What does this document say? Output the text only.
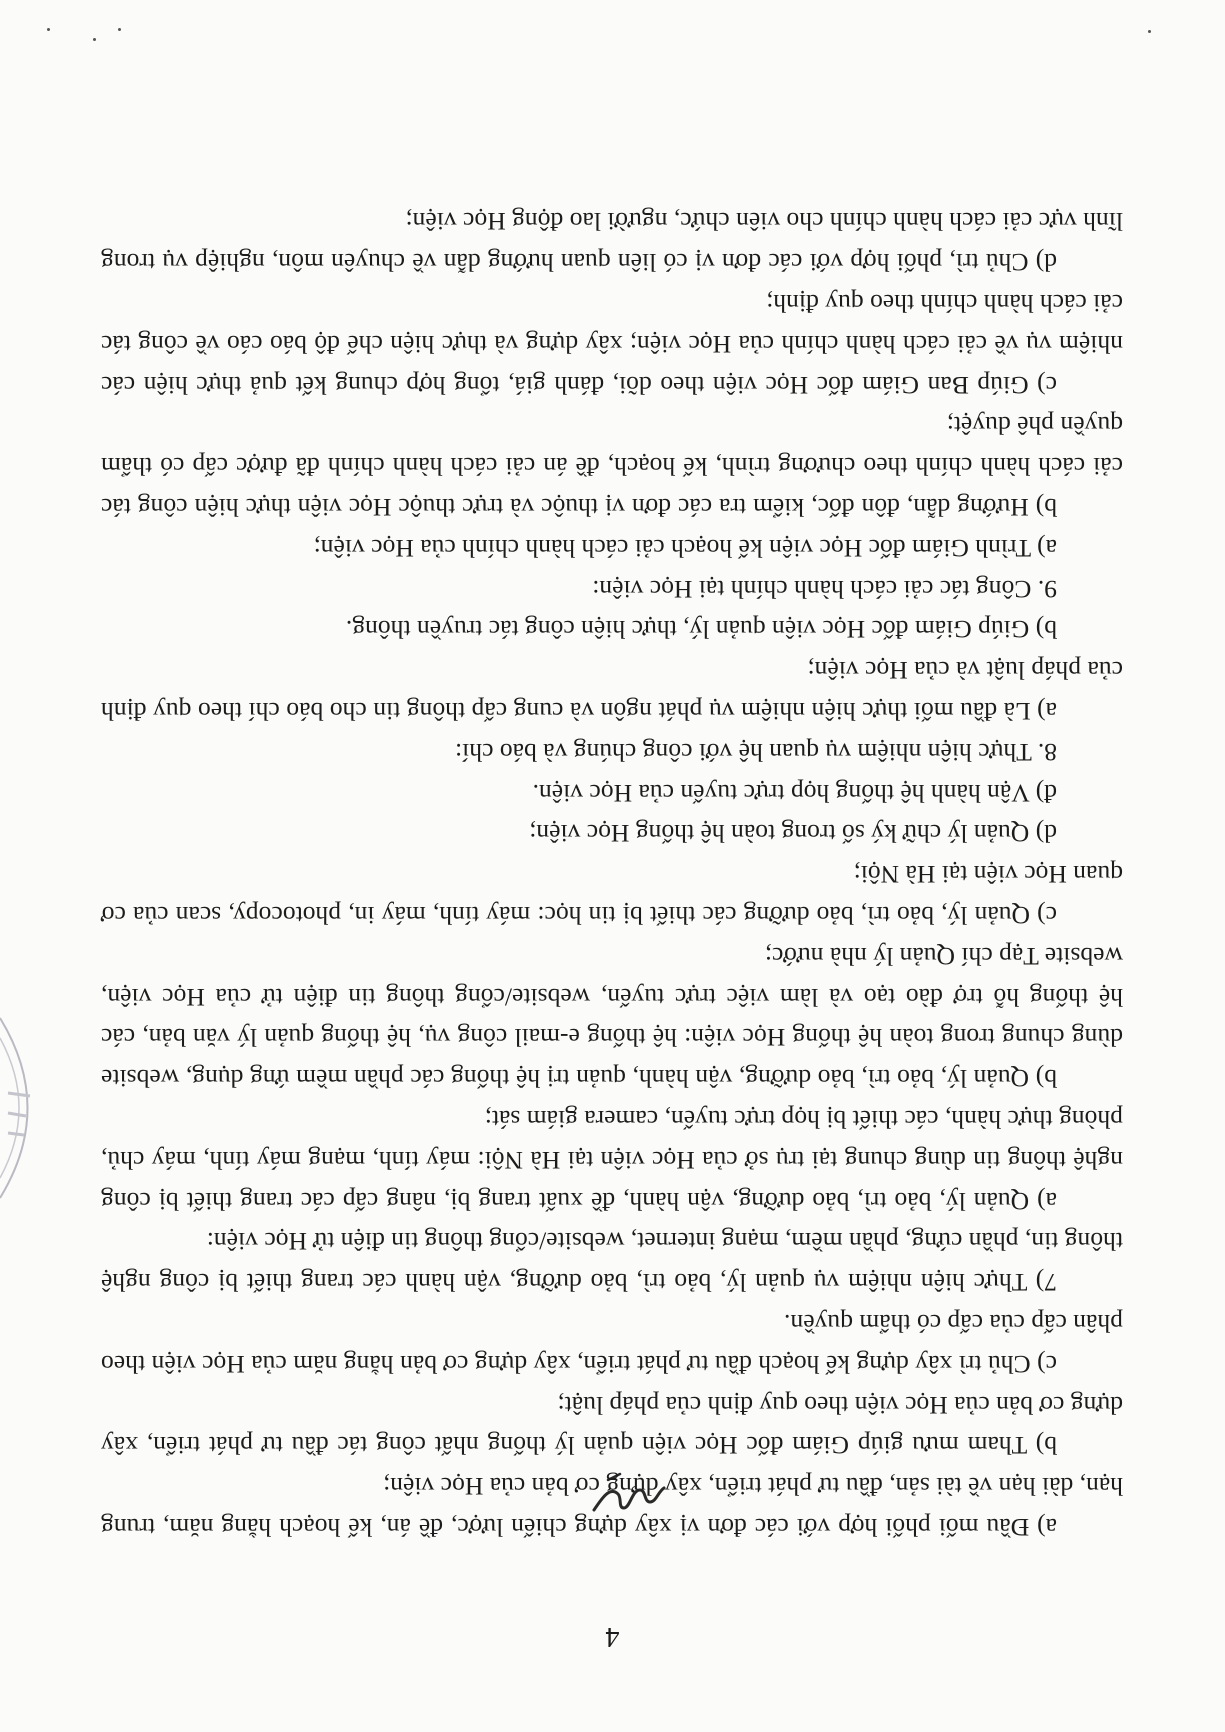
4

a) Đầu mối phối hợp với các đơn vị xây dựng chiến lược, đề án, kế hoạch hằng năm, trung hạn, dài hạn về tài sản, đầu tư phát triển, xây dựng cơ bản của Học viện;

b) Tham mưu giúp Giám đốc Học viện quản lý thống nhất công tác đầu tư phát triển, xây dựng cơ bản của Học viện theo quy định của pháp luật;

c) Chủ trì xây dựng kế hoạch đầu tư phát triển, xây dựng cơ bản hằng năm của Học viện theo phân cấp của cấp có thẩm quyền.

7) Thực hiện nhiệm vụ quản lý, bảo trì, bảo dưỡng, vận hành các trang thiết bị công nghệ thông tin, phần cứng, phần mềm, mạng internet, website/cổng thông tin điện tử Học viện:

a) Quản lý, bảo trì, bảo dưỡng, vận hành, đề xuất trang bị, nâng cấp các trang thiết bị công nghệ thông tin dùng chung tại trụ sở của Học viện tại Hà Nội: máy tính, mạng máy tính, máy chủ, phòng thực hành, các thiết bị họp trực tuyến, camera giám sát;

b) Quản lý, bảo trì, bảo dưỡng, vận hành, quản trị hệ thống các phần mềm ứng dụng, website dùng chung trong toàn hệ thống Học viện: hệ thống e-mail công vụ, hệ thống quản lý văn bản, các hệ thống hỗ trợ đào tạo và làm việc trực tuyến, website/cổng thông tin điện tử của Học viện, website Tạp chí Quản lý nhà nước;

c) Quản lý, bảo trì, bảo dưỡng các thiết bị tin học: máy tính, máy in, photocopy, scan của cơ quan Học viện tại Hà Nội;

d) Quản lý chữ ký số trong toàn hệ thống Học viện;

đ) Vận hành hệ thống họp trực tuyến của Học viện.

8. Thực hiện nhiệm vụ quan hệ với công chúng và báo chí:

a) Là đầu mối thực hiện nhiệm vụ phát ngôn và cung cấp thông tin cho báo chí theo quy định của pháp luật và của Học viện;

b) Giúp Giám đốc Học viện quản lý, thực hiện công tác truyền thông.

9. Công tác cải cách hành chính tại Học viện:

a) Trình Giám đốc Học viện kế hoạch cải cách hành chính của Học viện;

b) Hướng dẫn, đôn đốc, kiểm tra các đơn vị thuộc và trực thuộc Học viện thực hiện công tác cải cách hành chính theo chương trình, kế hoạch, đề án cải cách hành chính đã được cấp có thẩm quyền phê duyệt;

c) Giúp Ban Giám đốc Học viện theo dõi, đánh giá, tổng hợp chung kết quả thực hiện các nhiệm vụ về cải cách hành chính của Học viện; xây dựng và thực hiện chế độ báo cáo về công tác cải cách hành chính theo quy định;

d) Chủ trì, phối hợp với các đơn vị có liên quan hướng dẫn về chuyên môn, nghiệp vụ trong lĩnh vực cải cách hành chính cho viên chức, người lao động Học viện;
